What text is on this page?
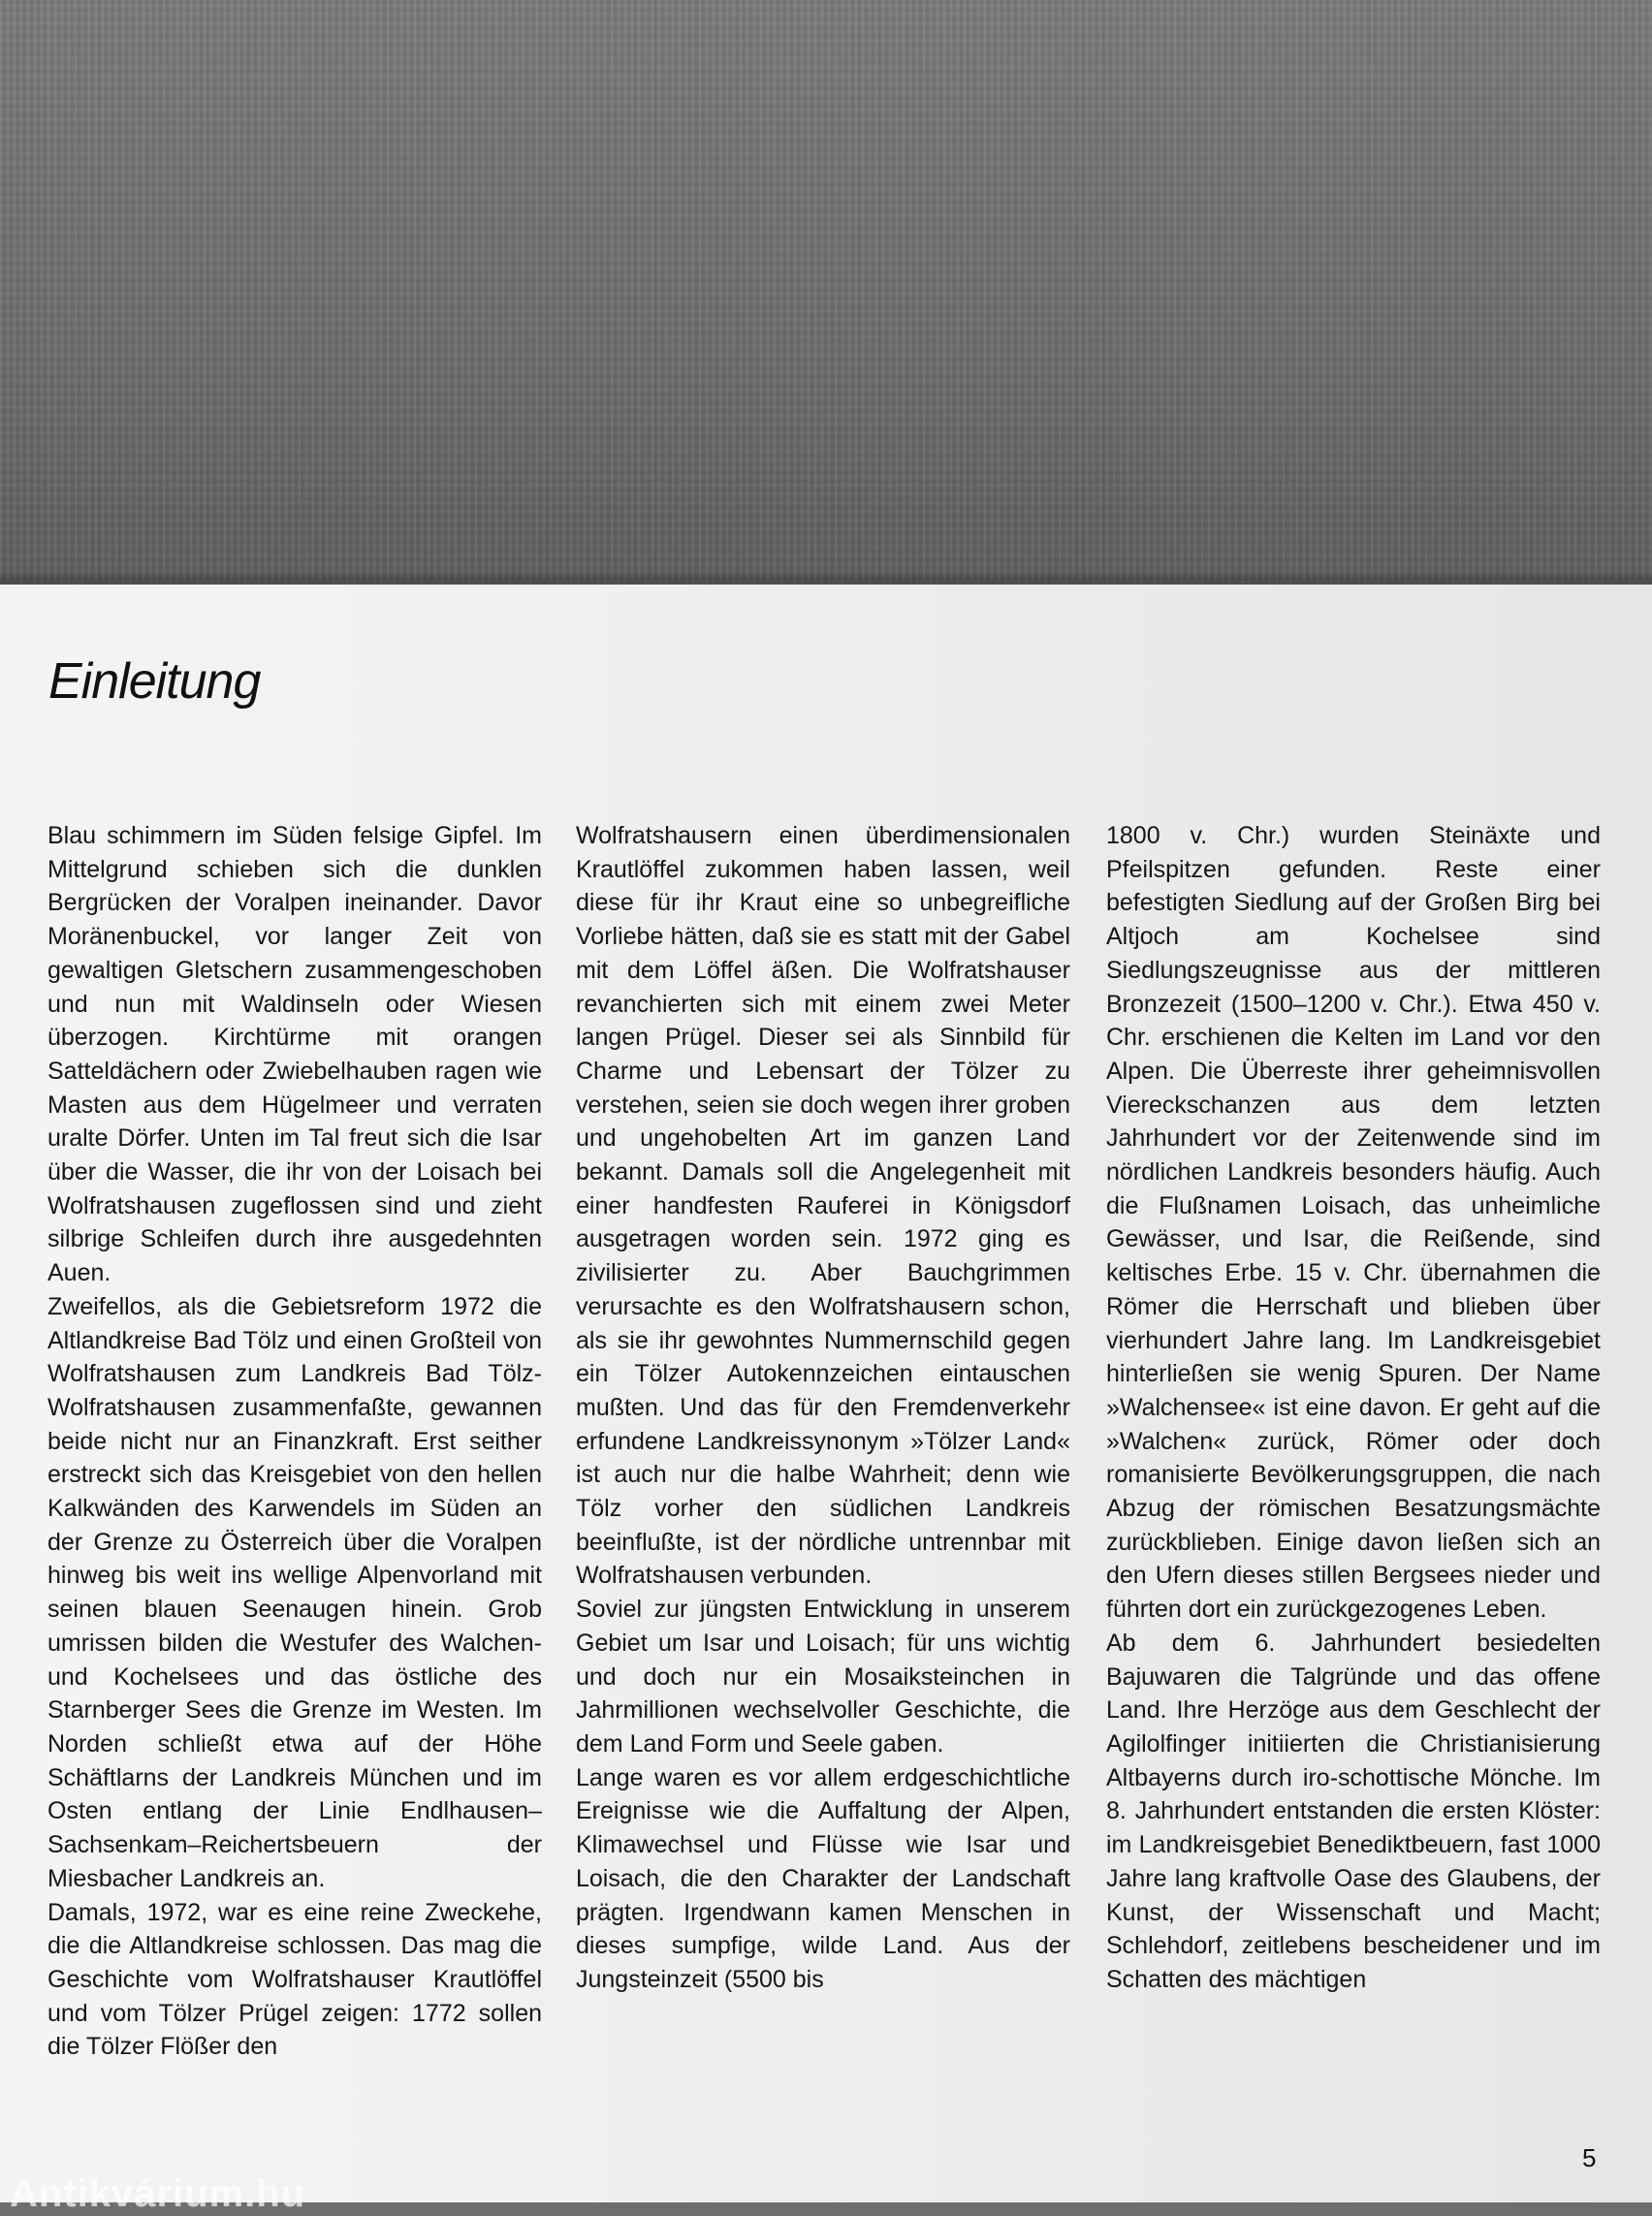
Einleitung

Blau schimmern im Süden felsige Gipfel. Im Mittelgrund schieben sich die dunklen Bergrücken der Voralpen ineinander. Davor Moränenbuckel, vor langer Zeit von gewaltigen Gletschern zusammengeschoben und nun mit Waldinseln oder Wiesen überzogen. Kirchtürme mit orangen Satteldächern oder Zwiebelhauben ragen wie Masten aus dem Hügelmeer und verraten uralte Dörfer. Unten im Tal freut sich die Isar über die Wasser, die ihr von der Loisach bei Wolfratshausen zugeflossen sind und zieht silbrige Schleifen durch ihre ausgedehnten Auen.

Zweifellos, als die Gebietsreform 1972 die Altlandkreise Bad Tölz und einen Großteil von Wolfratshausen zum Landkreis Bad Tölz-Wolfratshausen zusammenfaßte, gewannen beide nicht nur an Finanzkraft. Erst seither erstreckt sich das Kreisgebiet von den hellen Kalkwänden des Karwendels im Süden an der Grenze zu Österreich über die Voralpen hinweg bis weit ins wellige Alpenvorland mit seinen blauen Seenaugen hinein. Grob umrissen bilden die Westufer des Walchen- und Kochelsees und das östliche des Starnberger Sees die Grenze im Westen. Im Norden schließt etwa auf der Höhe Schäftlarns der Landkreis München und im Osten entlang der Linie Endlhausen–Sachsenkam–Reichertsbeuern der Miesbacher Landkreis an.

Damals, 1972, war es eine reine Zweckehe, die die Altlandkreise schlossen. Das mag die Geschichte vom Wolfratshauser Krautlöffel und vom Tölzer Prügel zeigen: 1772 sollen die Tölzer Flößer den

Wolfratshausern einen überdimensionalen Krautlöffel zukommen haben lassen, weil diese für ihr Kraut eine so unbegreifliche Vorliebe hätten, daß sie es statt mit der Gabel mit dem Löffel äßen. Die Wolfratshauser revanchierten sich mit einem zwei Meter langen Prügel. Dieser sei als Sinnbild für Charme und Lebensart der Tölzer zu verstehen, seien sie doch wegen ihrer groben und ungehobelten Art im ganzen Land bekannt. Damals soll die Angelegenheit mit einer handfesten Rauferei in Königsdorf ausgetragen worden sein. 1972 ging es zivilisierter zu. Aber Bauchgrimmen verursachte es den Wolfratshausern schon, als sie ihr gewohntes Nummernschild gegen ein Tölzer Autokennzeichen eintauschen mußten. Und das für den Fremdenverkehr erfundene Landkreissynonym »Tölzer Land« ist auch nur die halbe Wahrheit; denn wie Tölz vorher den südlichen Landkreis beeinflußte, ist der nördliche untrennbar mit Wolfratshausen verbunden.

Soviel zur jüngsten Entwicklung in unserem Gebiet um Isar und Loisach; für uns wichtig und doch nur ein Mosaiksteinchen in Jahrmillionen wechselvoller Geschichte, die dem Land Form und Seele gaben.

Lange waren es vor allem erdgeschichtliche Ereignisse wie die Auffaltung der Alpen, Klimawechsel und Flüsse wie Isar und Loisach, die den Charakter der Landschaft prägten. Irgendwann kamen Menschen in dieses sumpfige, wilde Land. Aus der Jungsteinzeit (5500 bis

1800 v. Chr.) wurden Steinäxte und Pfeilspitzen gefunden. Reste einer befestigten Siedlung auf der Großen Birg bei Altjoch am Kochelsee sind Siedlungszeugnisse aus der mittleren Bronzezeit (1500–1200 v. Chr.). Etwa 450 v. Chr. erschienen die Kelten im Land vor den Alpen. Die Überreste ihrer geheimnisvollen Viereckschanzen aus dem letzten Jahrhundert vor der Zeitenwende sind im nördlichen Landkreis besonders häufig. Auch die Flußnamen Loisach, das unheimliche Gewässer, und Isar, die Reißende, sind keltisches Erbe. 15 v. Chr. übernahmen die Römer die Herrschaft und blieben über vierhundert Jahre lang. Im Landkreisgebiet hinterließen sie wenig Spuren. Der Name »Walchensee« ist eine davon. Er geht auf die »Walchen« zurück, Römer oder doch romanisierte Bevölkerungsgruppen, die nach Abzug der römischen Besatzungsmächte zurückblieben. Einige davon ließen sich an den Ufern dieses stillen Bergsees nieder und führten dort ein zurückgezogenes Leben.

Ab dem 6. Jahrhundert besiedelten Bajuwaren die Talgründe und das offene Land. Ihre Herzöge aus dem Geschlecht der Agilolfinger initiierten die Christianisierung Altbayerns durch iro-schottische Mönche. Im 8. Jahrhundert entstanden die ersten Klöster: im Landkreisgebiet Benediktbeuern, fast 1000 Jahre lang kraftvolle Oase des Glaubens, der Kunst, der Wissenschaft und Macht; Schlehdorf, zeitlebens bescheidener und im Schatten des mächtigen

5
Antikvárium.hu
